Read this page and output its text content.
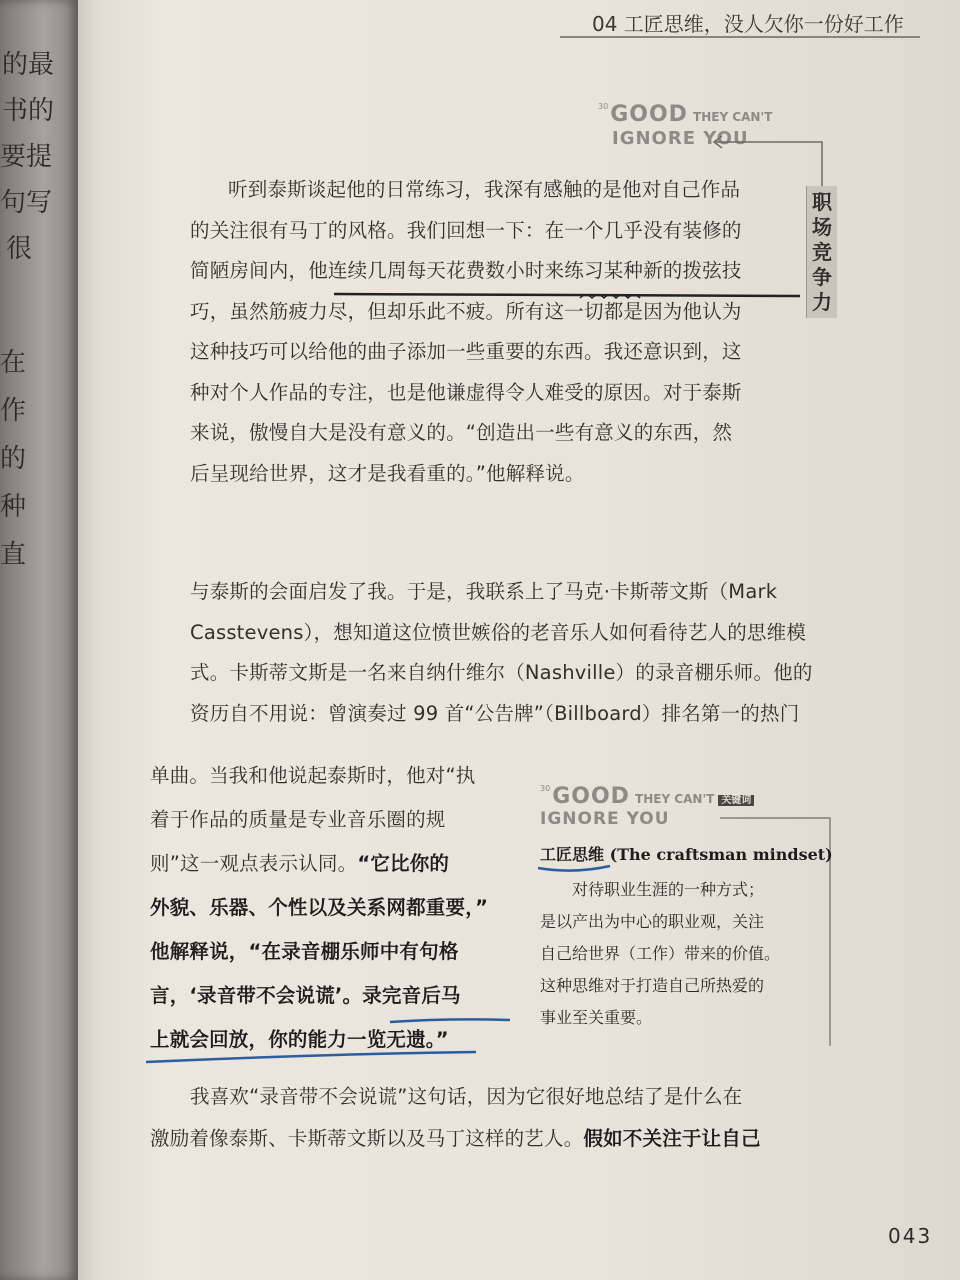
的最
书的
要提
句写
很
在
作
的
种
直
04 工匠思维，没人欠你一份好工作
$^{30}$GOOD THEY CAN'T
IGNORE YOU
职场竞争力
听到泰斯谈起他的日常练习，我深有感触的是他对自己作品
的关注很有马丁的风格。我们回想一下：在一个几乎没有装修的
简陋房间内，他连续几周每天花费数小时来练习某种新的拨弦技
巧，虽然筋疲力尽，但却乐此不疲。所有这一切都是因为他认为
这种技巧可以给他的曲子添加一些重要的东西。我还意识到，这
种对个人作品的专注，也是他谦虚得令人难受的原因。对于泰斯
来说，傲慢自大是没有意义的。“创造出一些有意义的东西，然
后呈现给世界，这才是我看重的。”他解释说。
与泰斯的会面启发了我。于是，我联系上了马克·卡斯蒂文斯（Mark
Casstevens），想知道这位愤世嫉俗的老音乐人如何看待艺人的思维模
式。卡斯蒂文斯是一名来自纳什维尔（Nashville）的录音棚乐师。他的
资历自不用说：曾演奏过 99 首“公告牌”（Billboard）排名第一的热门
单曲。当我和他说起泰斯时，他对“执
着于作品的质量是专业音乐圈的规
则”这一观点表示认同。“它比你的
外貌、乐器、个性以及关系网都重要，”
他解释说，“在录音棚乐师中有句格
言，‘录音带不会说谎’。录完音后马
上就会回放，你的能力一览无遗。”
$^{30}$GOOD THEY CAN'T 关键词
IGNORE YOU
工匠思维 (The craftsman mindset)
　　对待职业生涯的一种方式；
是以产出为中心的职业观，关注
自己给世界（工作）带来的价值。
这种思维对于打造自己所热爱的
事业至关重要。
我喜欢“录音带不会说谎”这句话，因为它很好地总结了是什么在
激励着像泰斯、卡斯蒂文斯以及马丁这样的艺人。假如不关注于让自己
043
